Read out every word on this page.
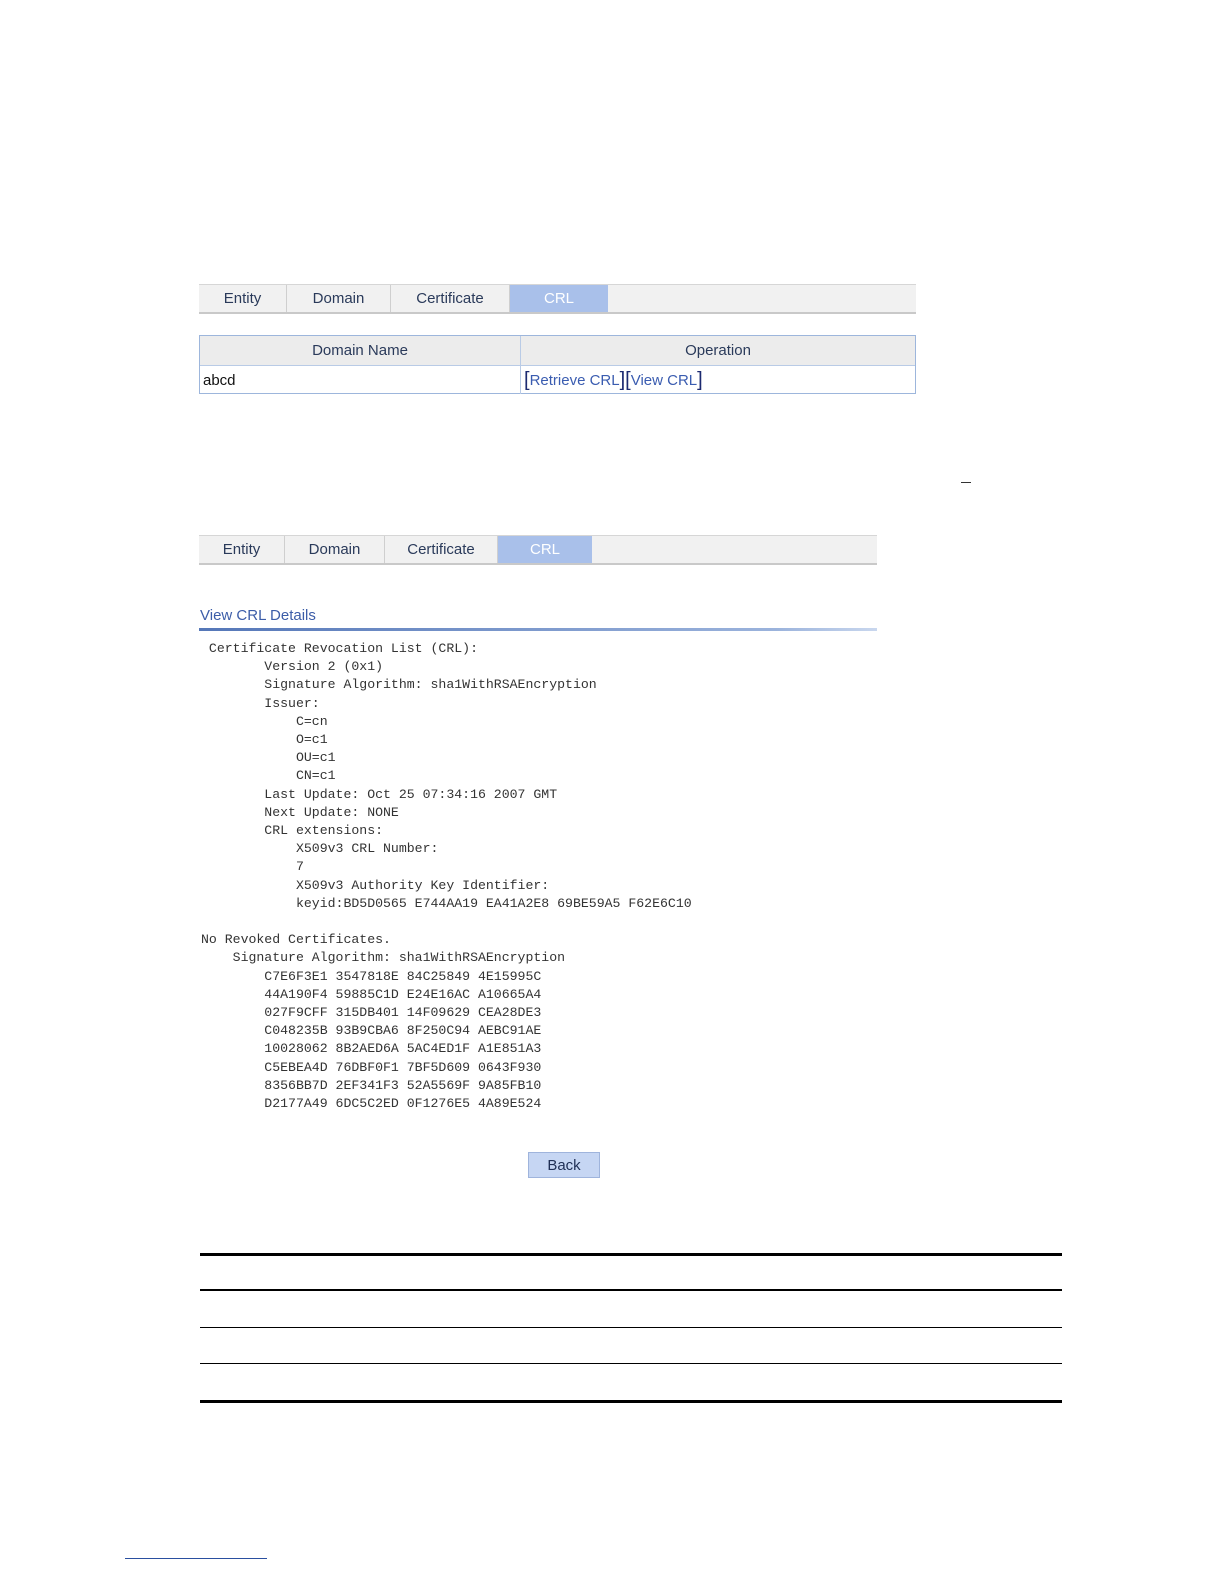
Entity	Domain	Certificate	CRL
Domain Name	Operation
abcd	[ Retrieve CRL ] [ View CRL ]
Entity	Domain	Certificate	CRL
View CRL Details
Certificate Revocation List (CRL):
Version 2 (0x1)
Signature Algorithm: sha1WithRSAEncryption
Issuer:
C=cn
O=c1
OU=c1
CN=c1
Last Update: Oct 25 07:34:16 2007 GMT
Next Update: NONE
CRL extensions:
X509v3 CRL Number:
7
X509v3 Authority Key Identifier:
keyid:BD5D0565 E744AA19 EA41A2E8 69BE59A5 F62E6C10

No Revoked Certificates.
Signature Algorithm: sha1WithRSAEncryption
C7E6F3E1 3547818E 84C25849 4E15995C
44A190F4 59885C1D E24E16AC A10665A4
027F9CFF 315DB401 14F09629 CEA28DE3
C048235B 93B9CBA6 8F250C94 AEBC91AE
10028062 8B2AED6A 5AC4ED1F A1E851A3
C5EBEA4D 76DBF0F1 7BF5D609 0643F930
8356BB7D 2EF341F3 52A5569F 9A85FB10
D2177A49 6DC5C2ED 0F1276E5 4A89E524
Back
